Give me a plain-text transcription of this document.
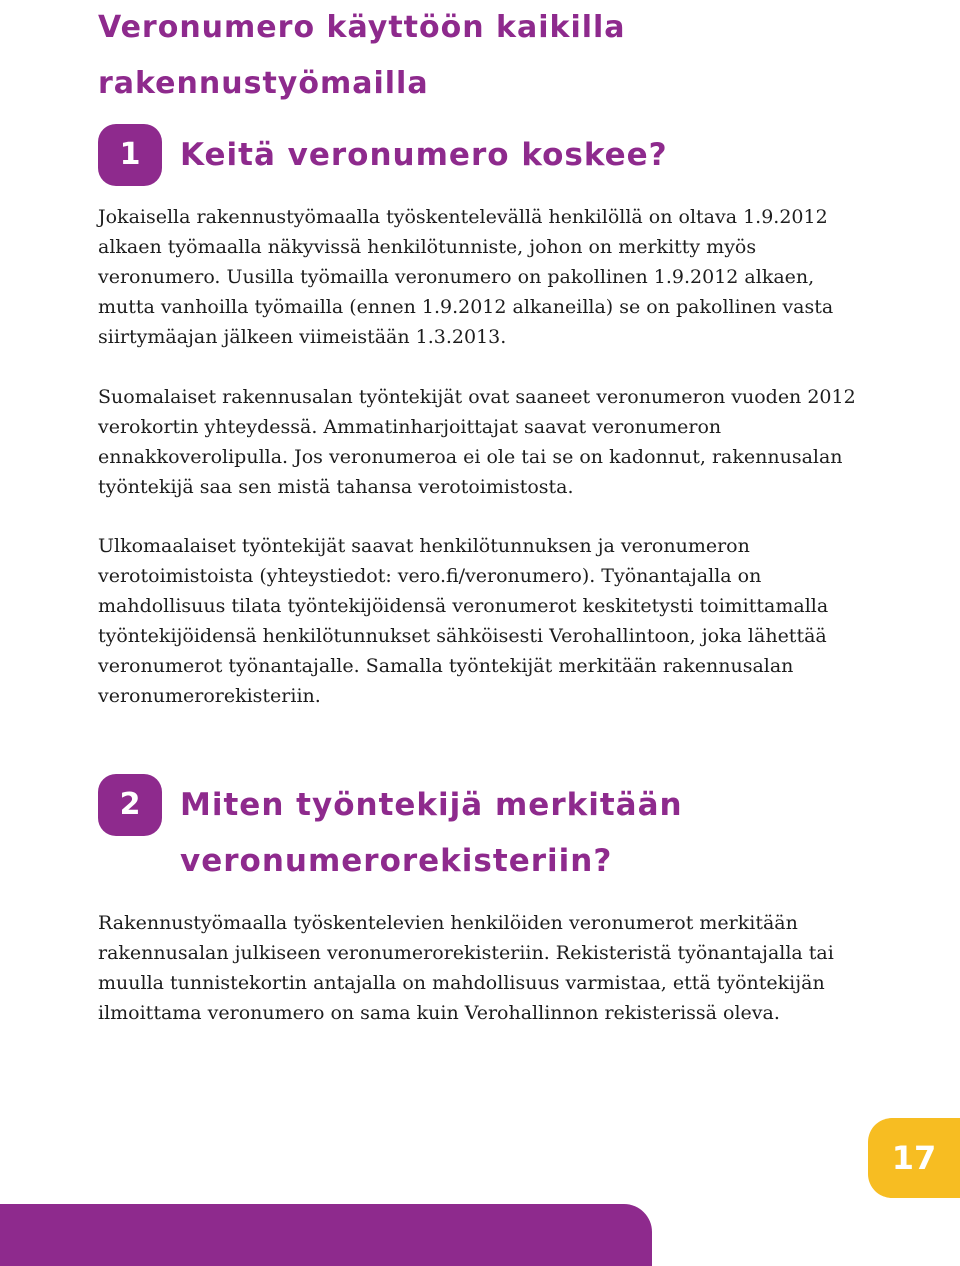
Veronumero käyttöön kaikilla rakennustyömailla
1	Keitä veronumero koskee?

Jokaisella rakennustyömaalla työskentelevällä henkilöllä on oltava 1.9.2012 alkaen työmaalla näkyvissä henkilötunniste, johon on merkitty myös veronumero. Uusilla työmailla veronumero on pakollinen 1.9.2012 alkaen, mutta vanhoilla työmailla (ennen 1.9.2012 alkaneilla) se on pakollinen vasta siirtymäajan jälkeen viimeistään 1.3.2013.

Suomalaiset rakennusalan työntekijät ovat saaneet veronumeron vuoden 2012 verokortin yhteydessä. Ammatinharjoittajat saavat veronumeron ennakkoverolipulla. Jos veronumeroa ei ole tai se on kadonnut, rakennusalan työntekijä saa sen mistä tahansa verotoimistosta.

Ulkomaalaiset työntekijät saavat henkilötunnuksen ja veronumeron verotoimistoista (yhteystiedot: vero.fi/veronumero). Työnantajalla on mahdollisuus tilata työntekijöidensä veronumerot keskitetysti toimittamalla työntekijöidensä henkilötunnukset sähköisesti Verohallintoon, joka lähettää veronumerot työnantajalle. Samalla työntekijät merkitään rakennusalan veronumerorekisteriin.

2	Miten työntekijä merkitään veronumerorekisteriin?

Rakennustyömaalla työskentelevien henkilöiden veronumerot merkitään rakennusalan julkiseen veronumerorekisteriin. Rekisteristä työnantajalla tai muulla tunnistekortin antajalla on mahdollisuus varmistaa, että työntekijän ilmoittama veronumero on sama kuin Verohallinnon rekisterissä oleva.

17
